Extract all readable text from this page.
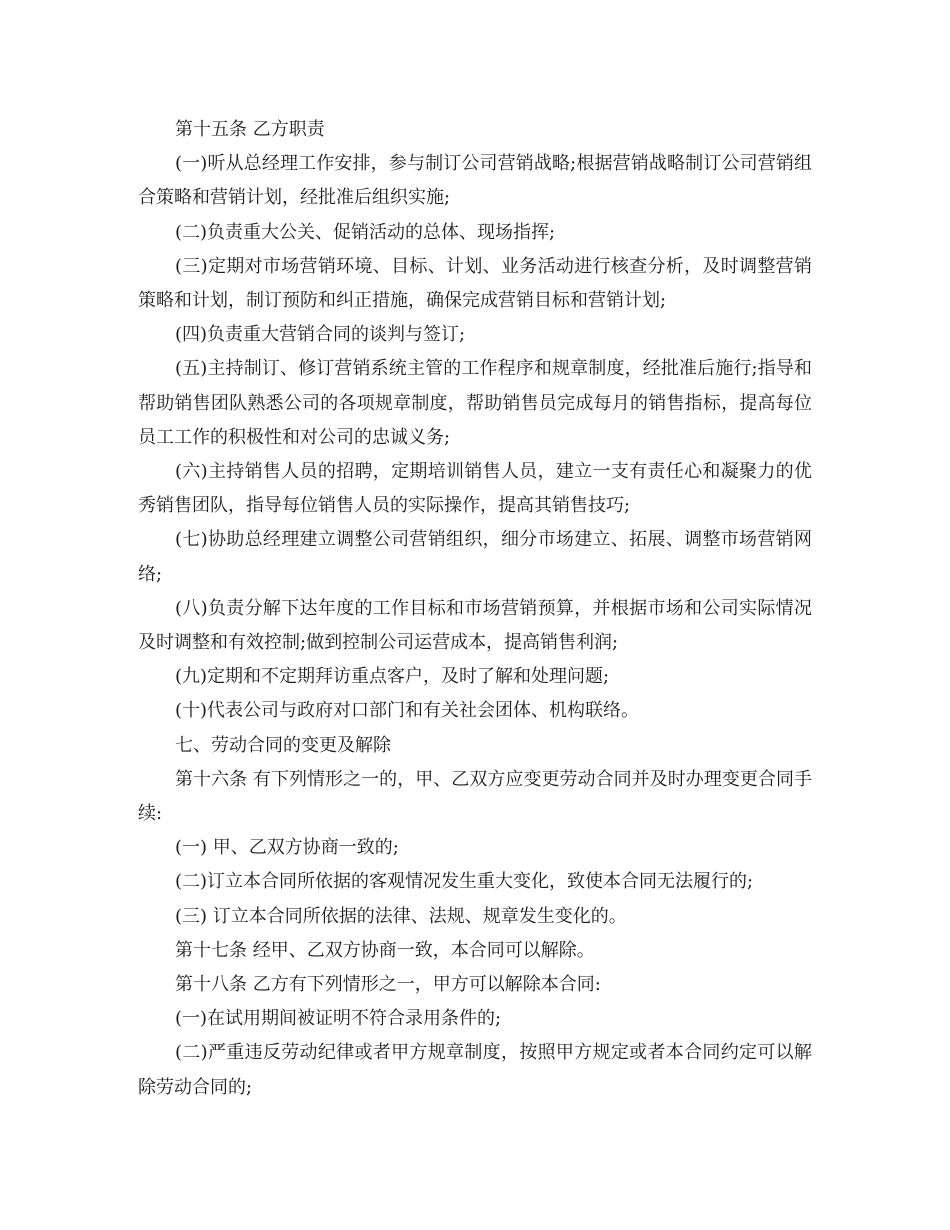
第十五条 乙方职责

(一)听从总经理工作安排，参与制订公司营销战略;根据营销战略制订公司营销组合策略和营销计划，经批准后组织实施;

(二)负责重大公关、促销活动的总体、现场指挥;

(三)定期对市场营销环境、目标、计划、业务活动进行核查分析，及时调整营销策略和计划，制订预防和纠正措施，确保完成营销目标和营销计划;

(四)负责重大营销合同的谈判与签订;

(五)主持制订、修订营销系统主管的工作程序和规章制度，经批准后施行;指导和帮助销售团队熟悉公司的各项规章制度，帮助销售员完成每月的销售指标，提高每位员工工作的积极性和对公司的忠诚义务;

(六)主持销售人员的招聘，定期培训销售人员，建立一支有责任心和凝聚力的优秀销售团队，指导每位销售人员的实际操作，提高其销售技巧;

(七)协助总经理建立调整公司营销组织，细分市场建立、拓展、调整市场营销网络;

(八)负责分解下达年度的工作目标和市场营销预算，并根据市场和公司实际情况及时调整和有效控制;做到控制公司运营成本，提高销售利润;

(九)定期和不定期拜访重点客户，及时了解和处理问题;

(十)代表公司与政府对口部门和有关社会团体、机构联络。

七、劳动合同的变更及解除

第十六条 有下列情形之一的，甲、乙双方应变更劳动合同并及时办理变更合同手续:

(一) 甲、乙双方协商一致的;

(二)订立本合同所依据的客观情况发生重大变化，致使本合同无法履行的;

(三) 订立本合同所依据的法律、法规、规章发生变化的。

第十七条 经甲、乙双方协商一致，本合同可以解除。

第十八条 乙方有下列情形之一，甲方可以解除本合同:

(一)在试用期间被证明不符合录用条件的;

(二)严重违反劳动纪律或者甲方规章制度，按照甲方规定或者本合同约定可以解除劳动合同的;
